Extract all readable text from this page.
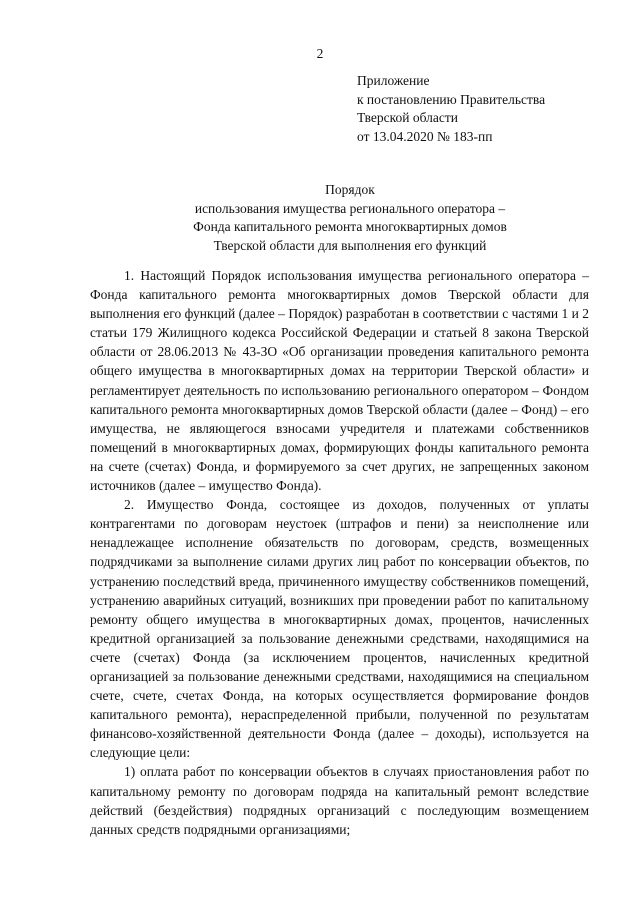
2
Приложение
к постановлению Правительства
Тверской области
от 13.04.2020 № 183-пп
Порядок
использования имущества регионального оператора –
Фонда капитального ремонта многоквартирных домов
Тверской области для выполнения его функций

1. Настоящий Порядок использования имущества регионального оператора – Фонда капитального ремонта многоквартирных домов Тверской области для выполнения его функций (далее – Порядок) разработан в соответствии с частями 1 и 2 статьи 179 Жилищного кодекса Российской Федерации и статьей 8 закона Тверской области от 28.06.2013 № 43-ЗО «Об организации проведения капитального ремонта общего имущества в многоквартирных домах на территории Тверской области» и регламентирует деятельность по использованию регионального оператором – Фондом капитального ремонта многоквартирных домов Тверской области (далее – Фонд) – его имущества, не являющегося взносами учредителя и платежами собственников помещений в многоквартирных домах, формирующих фонды капитального ремонта на счете (счетах) Фонда, и формируемого за счет других, не запрещенных законом источников (далее – имущество Фонда).

2. Имущество Фонда, состоящее из доходов, полученных от уплаты контрагентами по договорам неустоек (штрафов и пени) за неисполнение или ненадлежащее исполнение обязательств по договорам, средств, возмещенных подрядчиками за выполнение силами других лиц работ по консервации объектов, по устранению последствий вреда, причиненного имуществу собственников помещений, устранению аварийных ситуаций, возникших при проведении работ по капитальному ремонту общего имущества в многоквартирных домах, процентов, начисленных кредитной организацией за пользование денежными средствами, находящимися на счете (счетах) Фонда (за исключением процентов, начисленных кредитной организацией за пользование денежными средствами, находящимися на специальном счете, счете, счетах Фонда, на которых осуществляется формирование фондов капитального ремонта), нераспределенной прибыли, полученной по результатам финансово-хозяйственной деятельности Фонда (далее – доходы), используется на следующие цели:

1) оплата работ по консервации объектов в случаях приостановления работ по капитальному ремонту по договорам подряда на капитальный ремонт вследствие действий (бездействия) подрядных организаций с последующим возмещением данных средств подрядными организациями;
